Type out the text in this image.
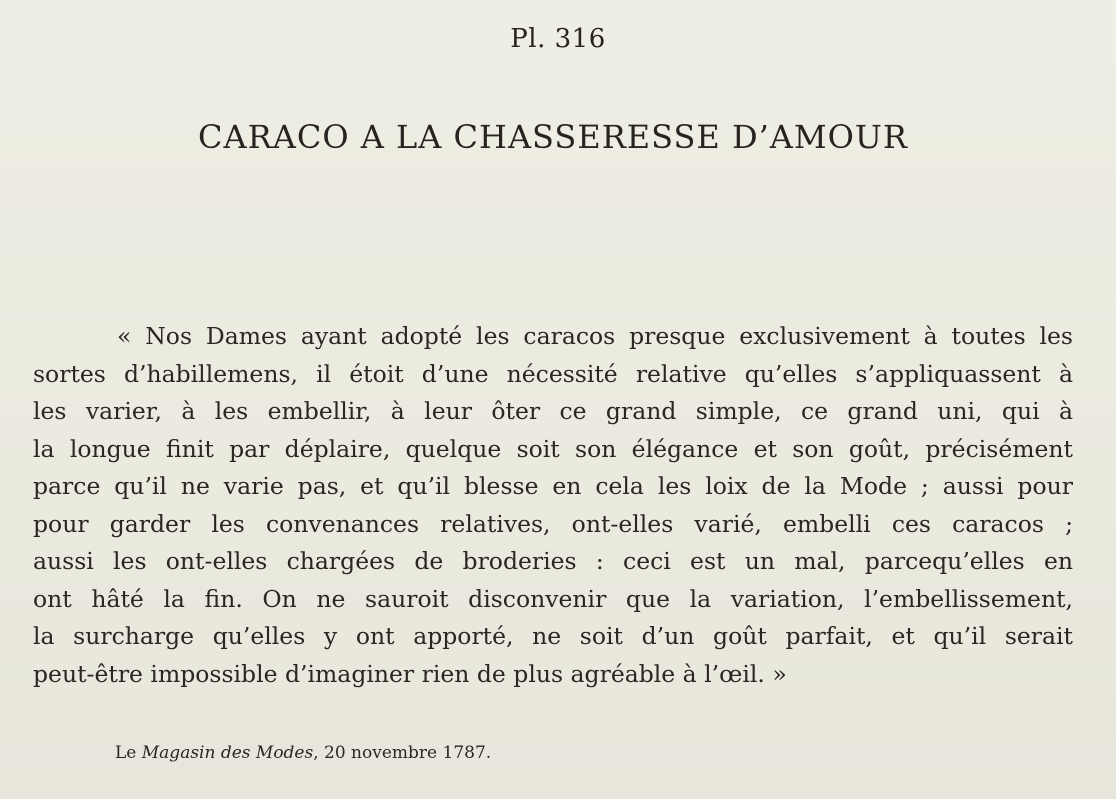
Pl. 316
CARACO A LA CHASSERESSE D’AMOUR
« Nos Dames ayant adopté les caracos presque exclusivement à toutes les
sortes d’habillemens, il étoit d’une nécessité relative qu’elles s’appliquassent à
les varier, à les embellir, à leur ôter ce grand simple, ce grand uni, qui à
la longue finit par déplaire, quelque soit son élégance et son goût, précisément
parce qu’il ne varie pas, et qu’il blesse en cela les loix de la Mode ; aussi pour
pour garder les convenances relatives, ont-elles varié, embelli ces caracos ;
aussi les ont-elles chargées de broderies : ceci est un mal, parcequ’elles en
ont hâté la fin. On ne sauroit disconvenir que la variation, l’embellissement,
la surcharge qu’elles y ont apporté, ne soit d’un goût parfait, et qu’il serait
peut-être impossible d’imaginer rien de plus agréable à l’œil. »
Le Magasin des Modes, 20 novembre 1787.
